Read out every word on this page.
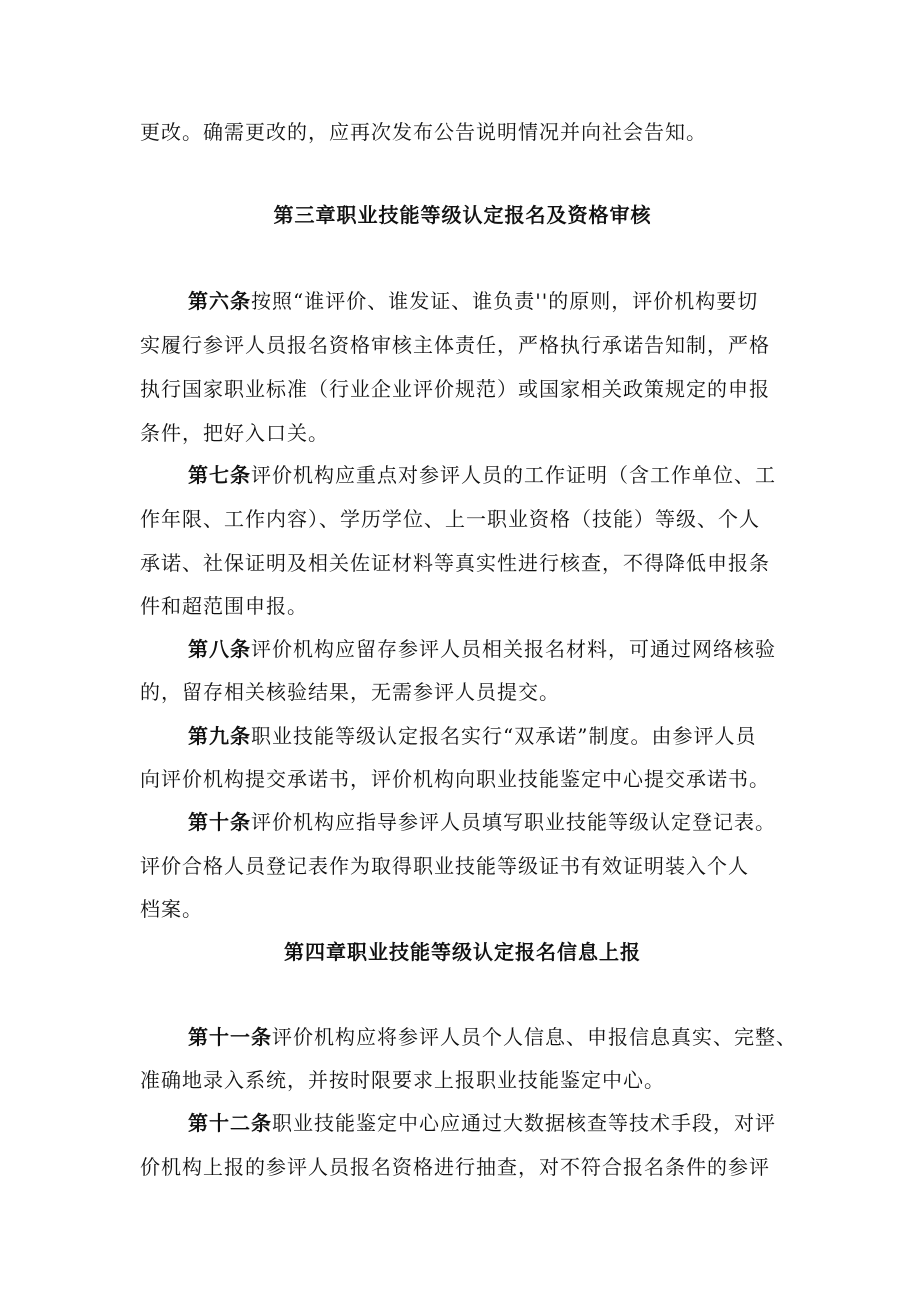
更改。确需更改的，应再次发布公告说明情况并向社会告知。
第三章职业技能等级认定报名及资格审核
第六条按照“谁评价、谁发证、谁负责''的原则，评价机构要切
实履行参评人员报名资格审核主体责任，严格执行承诺告知制，严格
执行国家职业标准（行业企业评价规范）或国家相关政策规定的申报
条件，把好入口关。
第七条评价机构应重点对参评人员的工作证明（含工作单位、工
作年限、工作内容）、学历学位、上一职业资格（技能）等级、个人
承诺、社保证明及相关佐证材料等真实性进行核查，不得降低申报条
件和超范围申报。
第八条评价机构应留存参评人员相关报名材料，可通过网络核验
的，留存相关核验结果，无需参评人员提交。
第九条职业技能等级认定报名实行“双承诺”制度。由参评人员
向评价机构提交承诺书，评价机构向职业技能鉴定中心提交承诺书。
第十条评价机构应指导参评人员填写职业技能等级认定登记表。
评价合格人员登记表作为取得职业技能等级证书有效证明装入个人
档案。
第四章职业技能等级认定报名信息上报
第十一条评价机构应将参评人员个人信息、申报信息真实、完整、
准确地录入系统，并按时限要求上报职业技能鉴定中心。
第十二条职业技能鉴定中心应通过大数据核查等技术手段，对评
价机构上报的参评人员报名资格进行抽查，对不符合报名条件的参评
